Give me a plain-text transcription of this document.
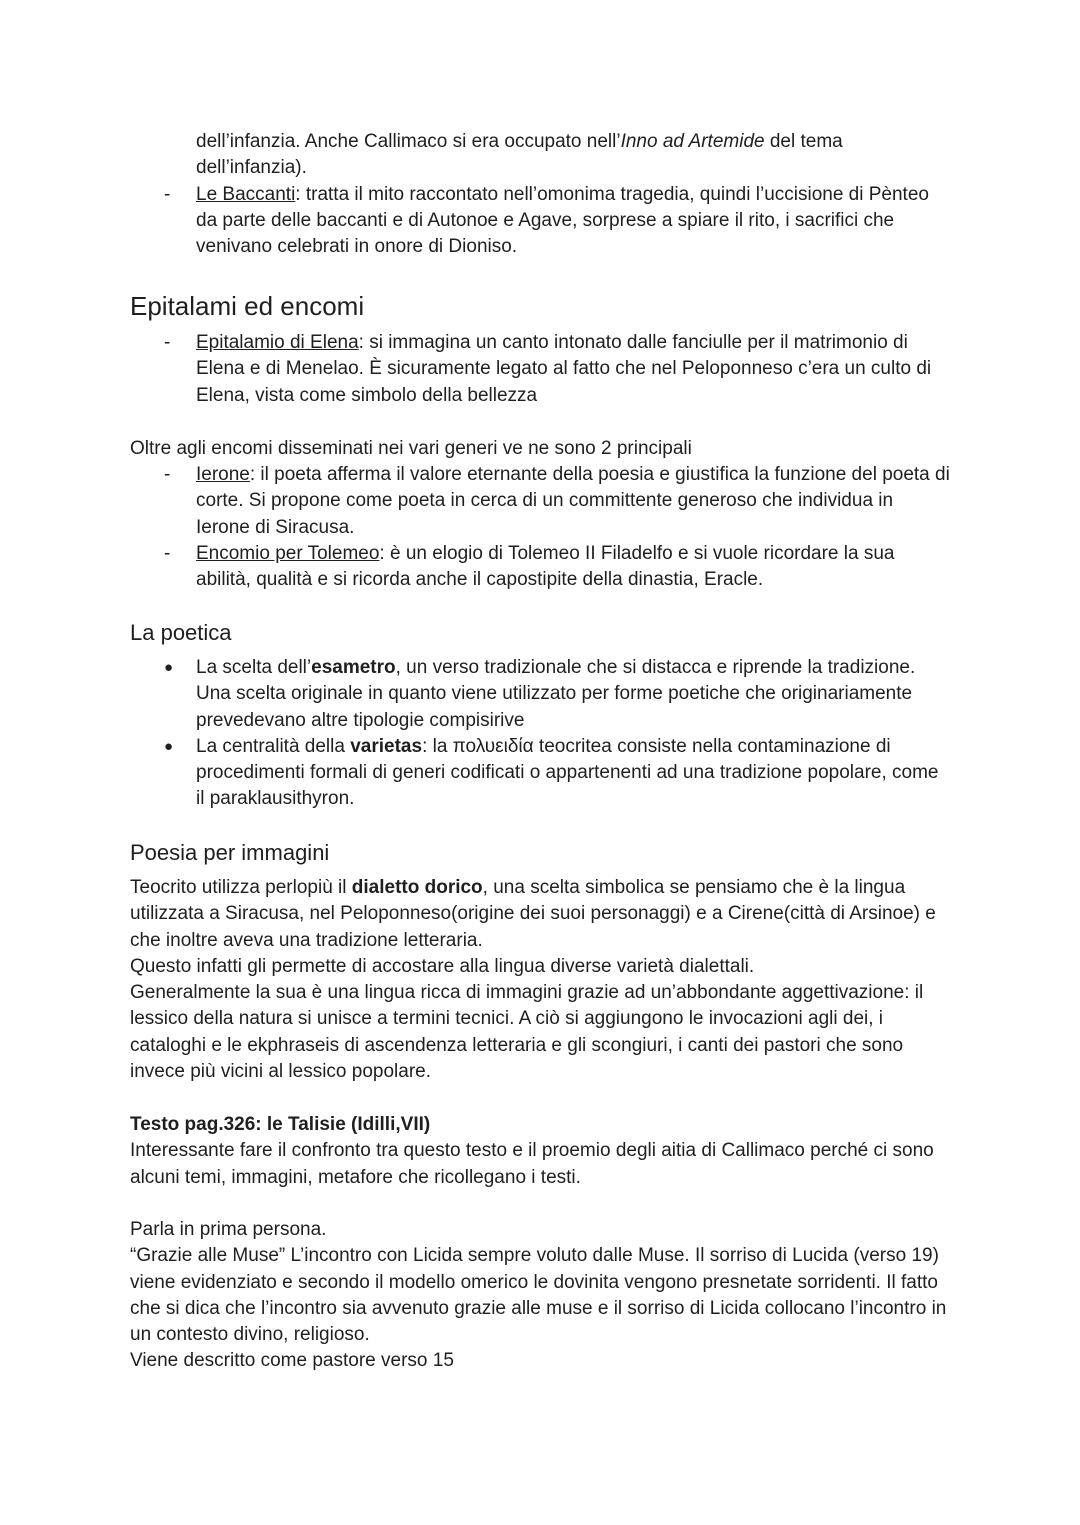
dell’infanzia. Anche Callimaco si era occupato nell’Inno ad Artemide del tema dell’infanzia).

- Le Baccanti: tratta il mito raccontato nell’omonima tragedia, quindi l’uccisione di Pènteo da parte delle baccanti e di Autonoe e Agave, sorprese a spiare il rito, i sacrifici che venivano celebrati in onore di Dioniso.

Epitalami ed encomi

- Epitalamio di Elena: si immagina un canto intonato dalle fanciulle per il matrimonio di Elena e di Menelao. È sicuramente legato al fatto che nel Peloponneso c’era un culto di Elena, vista come simbolo della bellezza

Oltre agli encomi disseminati nei vari generi ve ne sono 2 principali

- Ierone: il poeta afferma il valore eternante della poesia e giustifica la funzione del poeta di corte. Si propone come poeta in cerca di un committente generoso che individua in Ierone di Siracusa.

- Encomio per Tolemeo: è un elogio di Tolemeo II Filadelfo e si vuole ricordare la sua abilità, qualità e si ricorda anche il capostipite della dinastia, Eracle.

La poetica

● La scelta dell’esametro, un verso tradizionale che si distacca e riprende la tradizione. Una scelta originale in quanto viene utilizzato per forme poetiche che originariamente prevedevano altre tipologie compisirive

● La centralità della varietas: la πολυειδία teocritea consiste nella contaminazione di procedimenti formali di generi codificati o appartenenti ad una tradizione popolare, come il paraklausithyron.

Poesia per immagini

Teocrito utilizza perlopiù il dialetto dorico, una scelta simbolica se pensiamo che è la lingua utilizzata a Siracusa, nel Peloponneso(origine dei suoi personaggi) e a Cirene(città di Arsinoe) e che inoltre aveva una tradizione letteraria.

Questo infatti gli permette di accostare alla lingua diverse varietà dialettali.

Generalmente la sua è una lingua ricca di immagini grazie ad un’abbondante aggettivazione: il lessico della natura si unisce a termini tecnici. A ciò si aggiungono le invocazioni agli dei, i cataloghi e le ekphraseis di ascendenza letteraria e gli scongiuri, i canti dei pastori che sono invece più vicini al lessico popolare.

Testo pag.326: le Talisie (Idilli,VII)

Interessante fare il confronto tra questo testo e il proemio degli aitia di Callimaco perché ci sono alcuni temi, immagini, metafore che ricollegano i testi.

Parla in prima persona.

“Grazie alle Muse” L’incontro con Licida sempre voluto dalle Muse. Il sorriso di Lucida (verso 19) viene evidenziato e secondo il modello omerico le dovinita vengono presnetate sorridenti. Il fatto che si dica che l’incontro sia avvenuto grazie alle muse e il sorriso di Licida collocano l’incontro in un contesto divino, religioso.

Viene descritto come pastore verso 15
